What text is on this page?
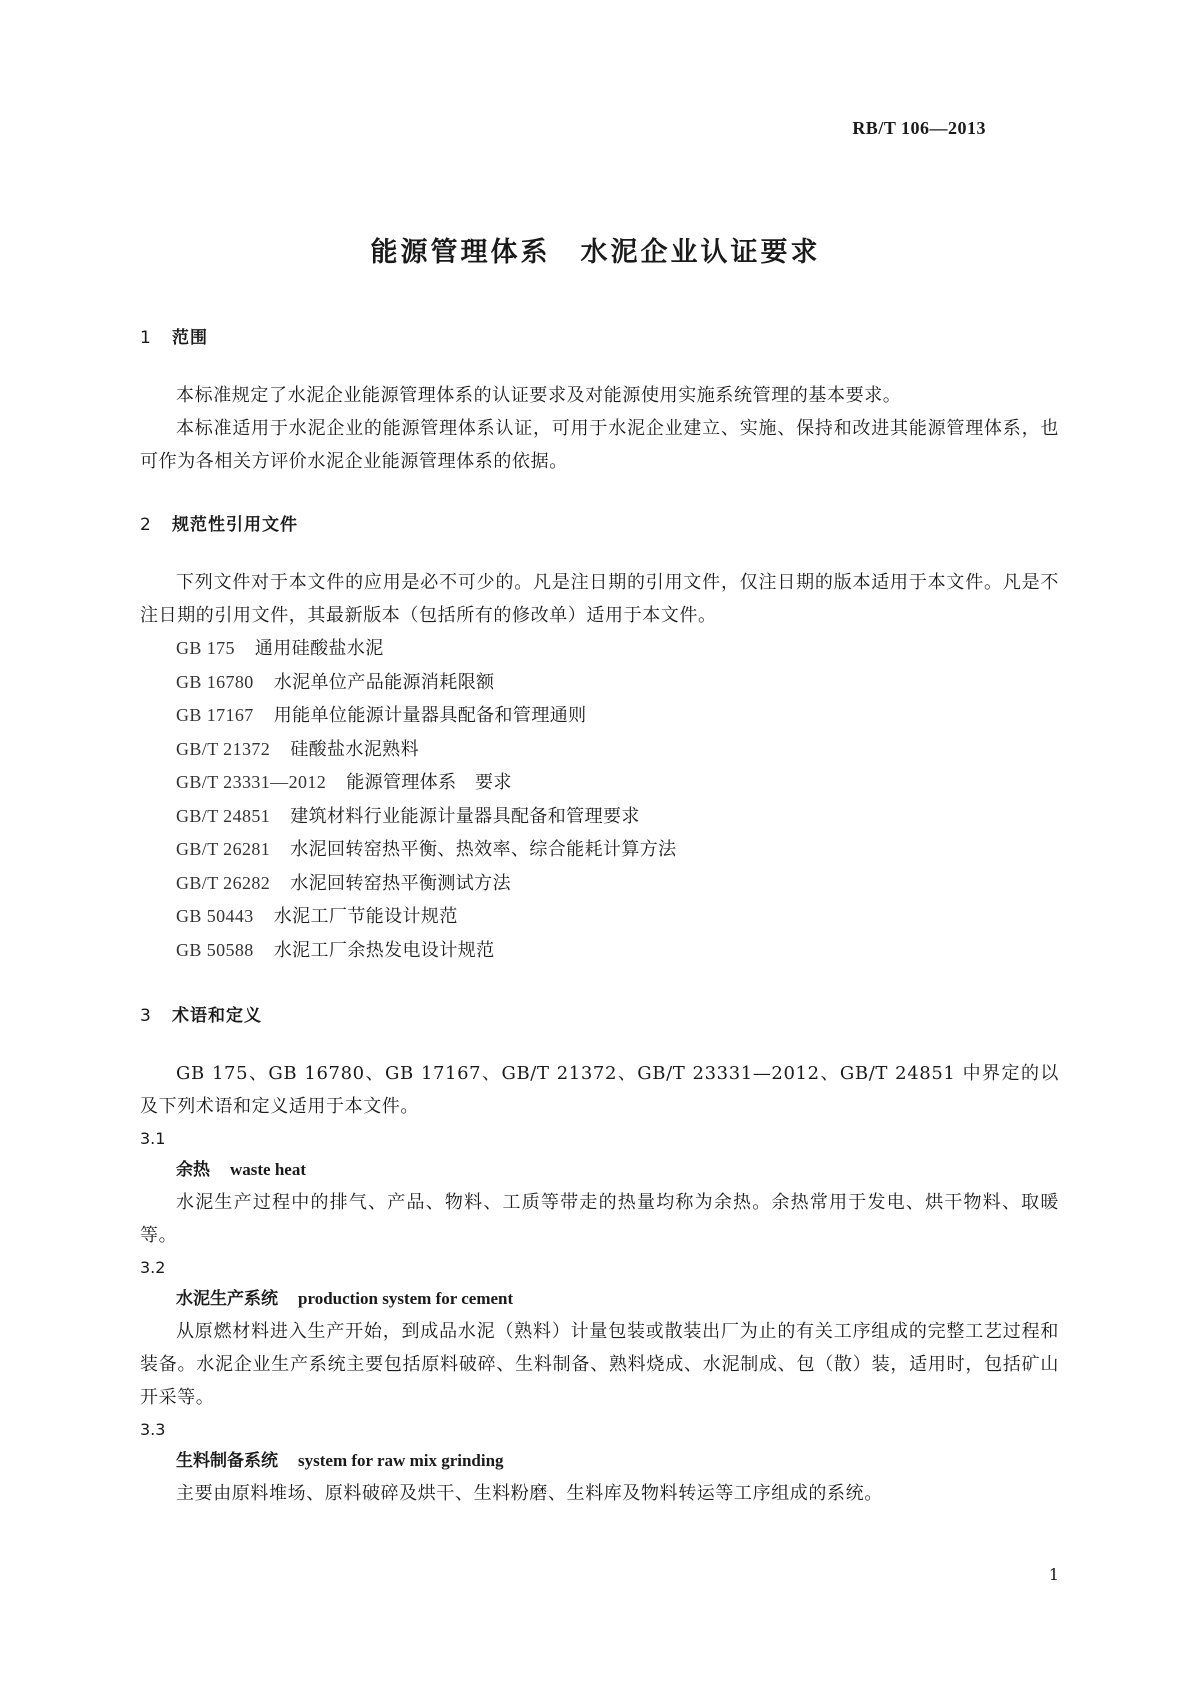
RB/T 106—2013
能源管理体系　水泥企业认证要求
1 范围

本标准规定了水泥企业能源管理体系的认证要求及对能源使用实施系统管理的基本要求。

本标准适用于水泥企业的能源管理体系认证，可用于水泥企业建立、实施、保持和改进其能源管理体系，也可作为各相关方评价水泥企业能源管理体系的依据。

2 规范性引用文件

下列文件对于本文件的应用是必不可少的。凡是注日期的引用文件，仅注日期的版本适用于本文件。凡是不注日期的引用文件，其最新版本（包括所有的修改单）适用于本文件。

GB 175 通用硅酸盐水泥
GB 16780 水泥单位产品能源消耗限额
GB 17167 用能单位能源计量器具配备和管理通则
GB/T 21372 硅酸盐水泥熟料
GB/T 23331—2012 能源管理体系　要求
GB/T 24851 建筑材料行业能源计量器具配备和管理要求
GB/T 26281 水泥回转窑热平衡、热效率、综合能耗计算方法
GB/T 26282 水泥回转窑热平衡测试方法
GB 50443 水泥工厂节能设计规范
GB 50588 水泥工厂余热发电设计规范
3 术语和定义

GB 175、GB 16780、GB 17167、GB/T 21372、GB/T 23331—2012、GB/T 24851 中界定的以及下列术语和定义适用于本文件。

3.1
余热 waste heat

水泥生产过程中的排气、产品、物料、工质等带走的热量均称为余热。余热常用于发电、烘干物料、取暖等。

3.2
水泥生产系统 production system for cement

从原燃材料进入生产开始，到成品水泥（熟料）计量包装或散装出厂为止的有关工序组成的完整工艺过程和装备。水泥企业生产系统主要包括原料破碎、生料制备、熟料烧成、水泥制成、包（散）装，适用时，包括矿山开采等。

3.3
生料制备系统 system for raw mix grinding

主要由原料堆场、原料破碎及烘干、生料粉磨、生料库及物料转运等工序组成的系统。

1
